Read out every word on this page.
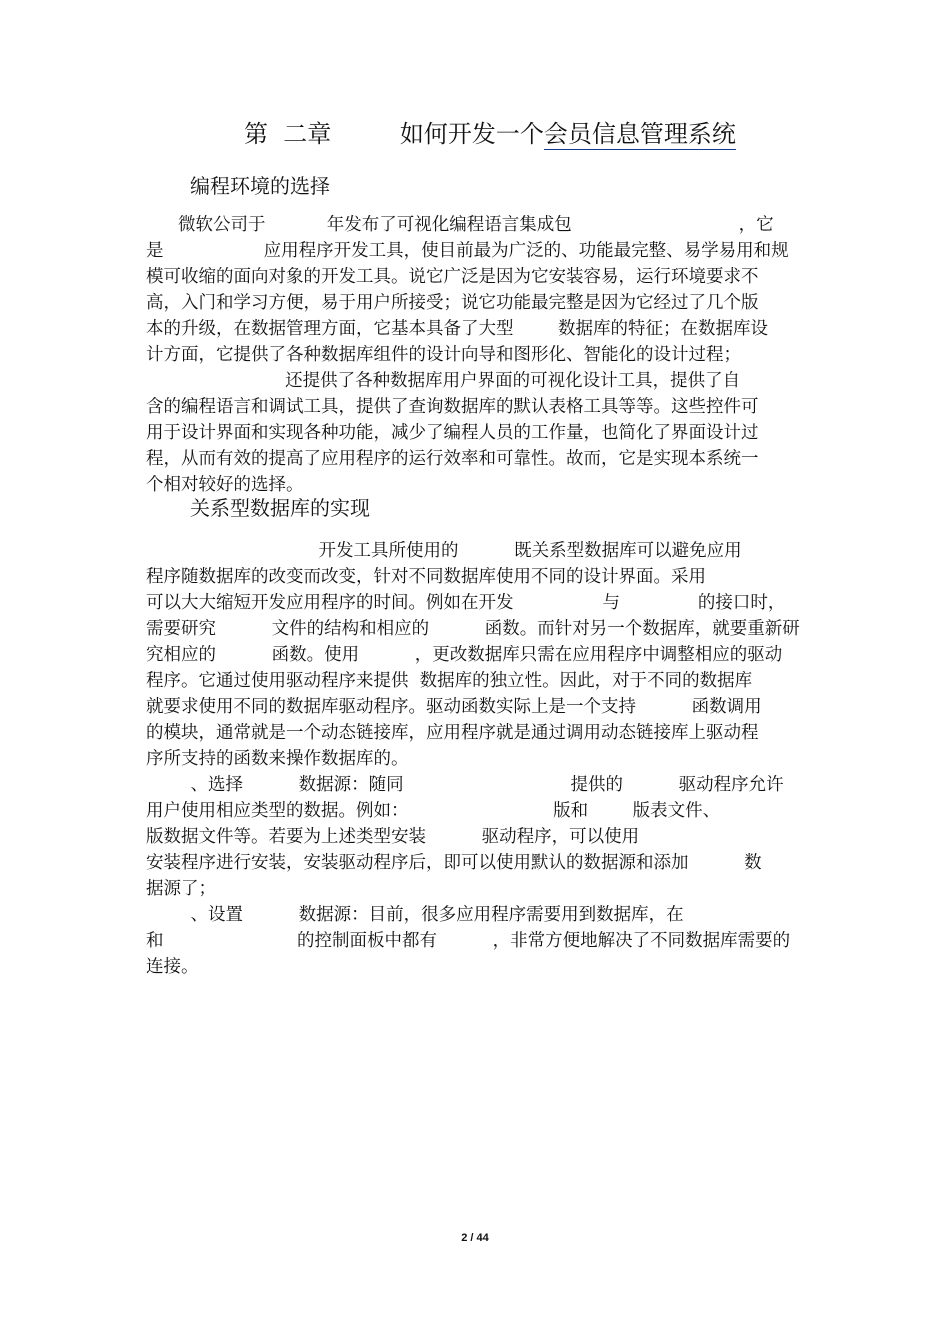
第  二章         如何开发一个会员信息管理系统
编程环境的选择

微软公司于           年发布了可视化编程语言集成包                              ，它

是                  应用程序开发工具，使目前最为广泛的、功能最完整、易学易用和规

模可收缩的面向对象的开发工具。说它广泛是因为它安装容易，运行环境要求不

高，入门和学习方便，易于用户所接受；说它功能最完整是因为它经过了几个版

本的升级，在数据管理方面，它基本具备了大型        数据库的特征；在数据库设

计方面，它提供了各种数据库组件的设计向导和图形化、智能化的设计过程；

还提供了各种数据库用户界面的可视化设计工具，提供了自

含的编程语言和调试工具，提供了查询数据库的默认表格工具等等。这些控件可

用于设计界面和实现各种功能，减少了编程人员的工作量，也简化了界面设计过

程，从而有效的提高了应用程序的运行效率和可靠性。故而，它是实现本系统一

个相对较好的选择。

关系型数据库的实现

开发工具所使用的          既关系型数据库可以避免应用

程序随数据库的改变而改变，针对不同数据库使用不同的设计界面。采用

可以大大缩短开发应用程序的时间。例如在开发                与              的接口时，

需要研究          文件的结构和相应的          函数。而针对另一个数据库，就要重新研

究相应的          函数。使用          ，更改数据库只需在应用程序中调整相应的驱动

程序。它通过使用驱动程序来提供  数据库的独立性。因此，对于不同的数据库

就要求使用不同的数据库驱动程序。驱动函数实际上是一个支持          函数调用

的模块，通常就是一个动态链接库，应用程序就是通过调用动态链接库上驱动程

序所支持的函数来操作数据库的。

、选择          数据源：随同                              提供的          驱动程序允许

用户使用相应类型的数据。例如：                          版和        版表文件、

版数据文件等。若要为上述类型安装          驱动程序，可以使用

安装程序进行安装，安装驱动程序后，即可以使用默认的数据源和添加          数

据源了；

、设置          数据源：目前，很多应用程序需要用到数据库，在

和                        的控制面板中都有          ，非常方便地解决了不同数据库需要的

连接。

2 / 44
